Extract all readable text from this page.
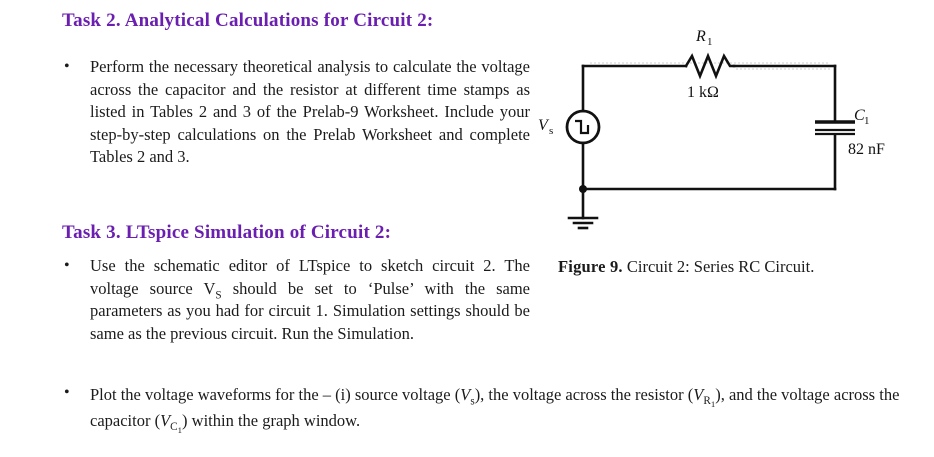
Task 2. Analytical Calculations for Circuit 2:
• Perform the necessary theoretical analysis to calculate the voltage across the capacitor and the resistor at different time stamps as listed in Tables 2 and 3 of the Prelab-9 Worksheet. Include your step-by-step calculations on the Prelab Worksheet and complete Tables 2 and 3.
Task 3. LTspice Simulation of Circuit 2:
• Use the schematic editor of LTspice to sketch circuit 2. The voltage source $V_S$ should be set to ‘Pulse’ with the same parameters as you had for circuit 1. Simulation settings should be same as the previous circuit. Run the Simulation.
• Plot the voltage waveforms for the – (i) source voltage $(V_s)$, the voltage across the resistor $(V_{R_1})$, and the voltage across the capacitor $(V_{C_1})$ within the graph window.
R 1
1 kΩ
C 1
82 nF
V s
Figure 9. Circuit 2: Series RC Circuit.
